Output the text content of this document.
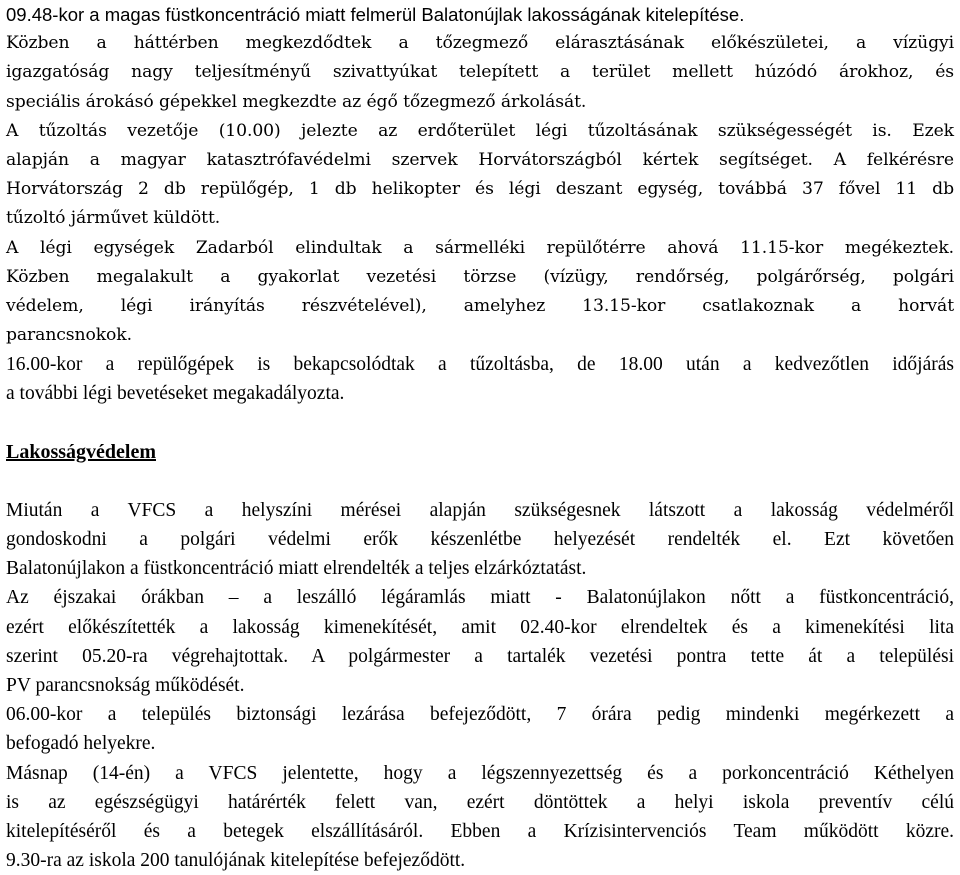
09.48-kor a magas füstkoncentráció miatt felmerül Balatonújlak lakosságának kitelepítése.
Közben a háttérben megkezdődtek a tőzegmező elárasztásának előkészületei, a vízügyi
igazgatóság nagy teljesítményű szivattyúkat telepített a terület mellett húzódó árokhoz, és
speciális árokásó gépekkel megkezdte az égő tőzegmező árkolását.
A tűzoltás vezetője (10.00) jelezte az erdőterület légi tűzoltásának szükségességét is. Ezek
alapján a magyar katasztrófavédelmi szervek Horvátországból kértek segítséget. A felkérésre
Horvátország 2 db repülőgép, 1 db helikopter és légi deszant egység, továbbá 37 fővel 11 db
tűzoltó járművet küldött.
A légi egységek Zadarból elindultak a sármelléki repülőtérre ahová 11.15-kor megékeztek.
Közben megalakult a gyakorlat vezetési törzse (vízügy, rendőrség, polgárőrség, polgári
védelem, légi irányítás részvételével), amelyhez 13.15-kor csatlakoznak a horvát
parancsnokok.
16.00-kor a repülőgépek is bekapcsolódtak a tűzoltásba, de 18.00 után a kedvezőtlen időjárás
a további légi bevetéseket megakadályozta.
Lakosságvédelem
Miután a VFCS a helyszíni mérései alapján szükségesnek látszott a lakosság védelméről
gondoskodni a polgári védelmi erők készenlétbe helyezését rendelték el. Ezt követően
Balatonújlakon a füstkoncentráció miatt elrendelték a teljes elzárkóztatást.
Az éjszakai órákban – a leszálló légáramlás miatt - Balatonújlakon nőtt a füstkoncentráció,
ezért előkészítették a lakosság kimenekítését, amit 02.40-kor elrendeltek és a kimenekítési lita
szerint 05.20-ra végrehajtottak. A polgármester a tartalék vezetési pontra tette át a települési
PV parancsnokság működését.
06.00-kor a település biztonsági lezárása befejeződött, 7 órára pedig mindenki megérkezett a
befogadó helyekre.
Másnap (14-én) a VFCS jelentette, hogy a légszennyezettség és a porkoncentráció Kéthelyen
is az egészségügyi határérték felett van, ezért döntöttek a helyi iskola preventív célú
kitelepítéséről és a betegek elszállításáról. Ebben a Krízisintervenciós Team működött közre.
9.30-ra az iskola 200 tanulójának kitelepítése befejeződött.
